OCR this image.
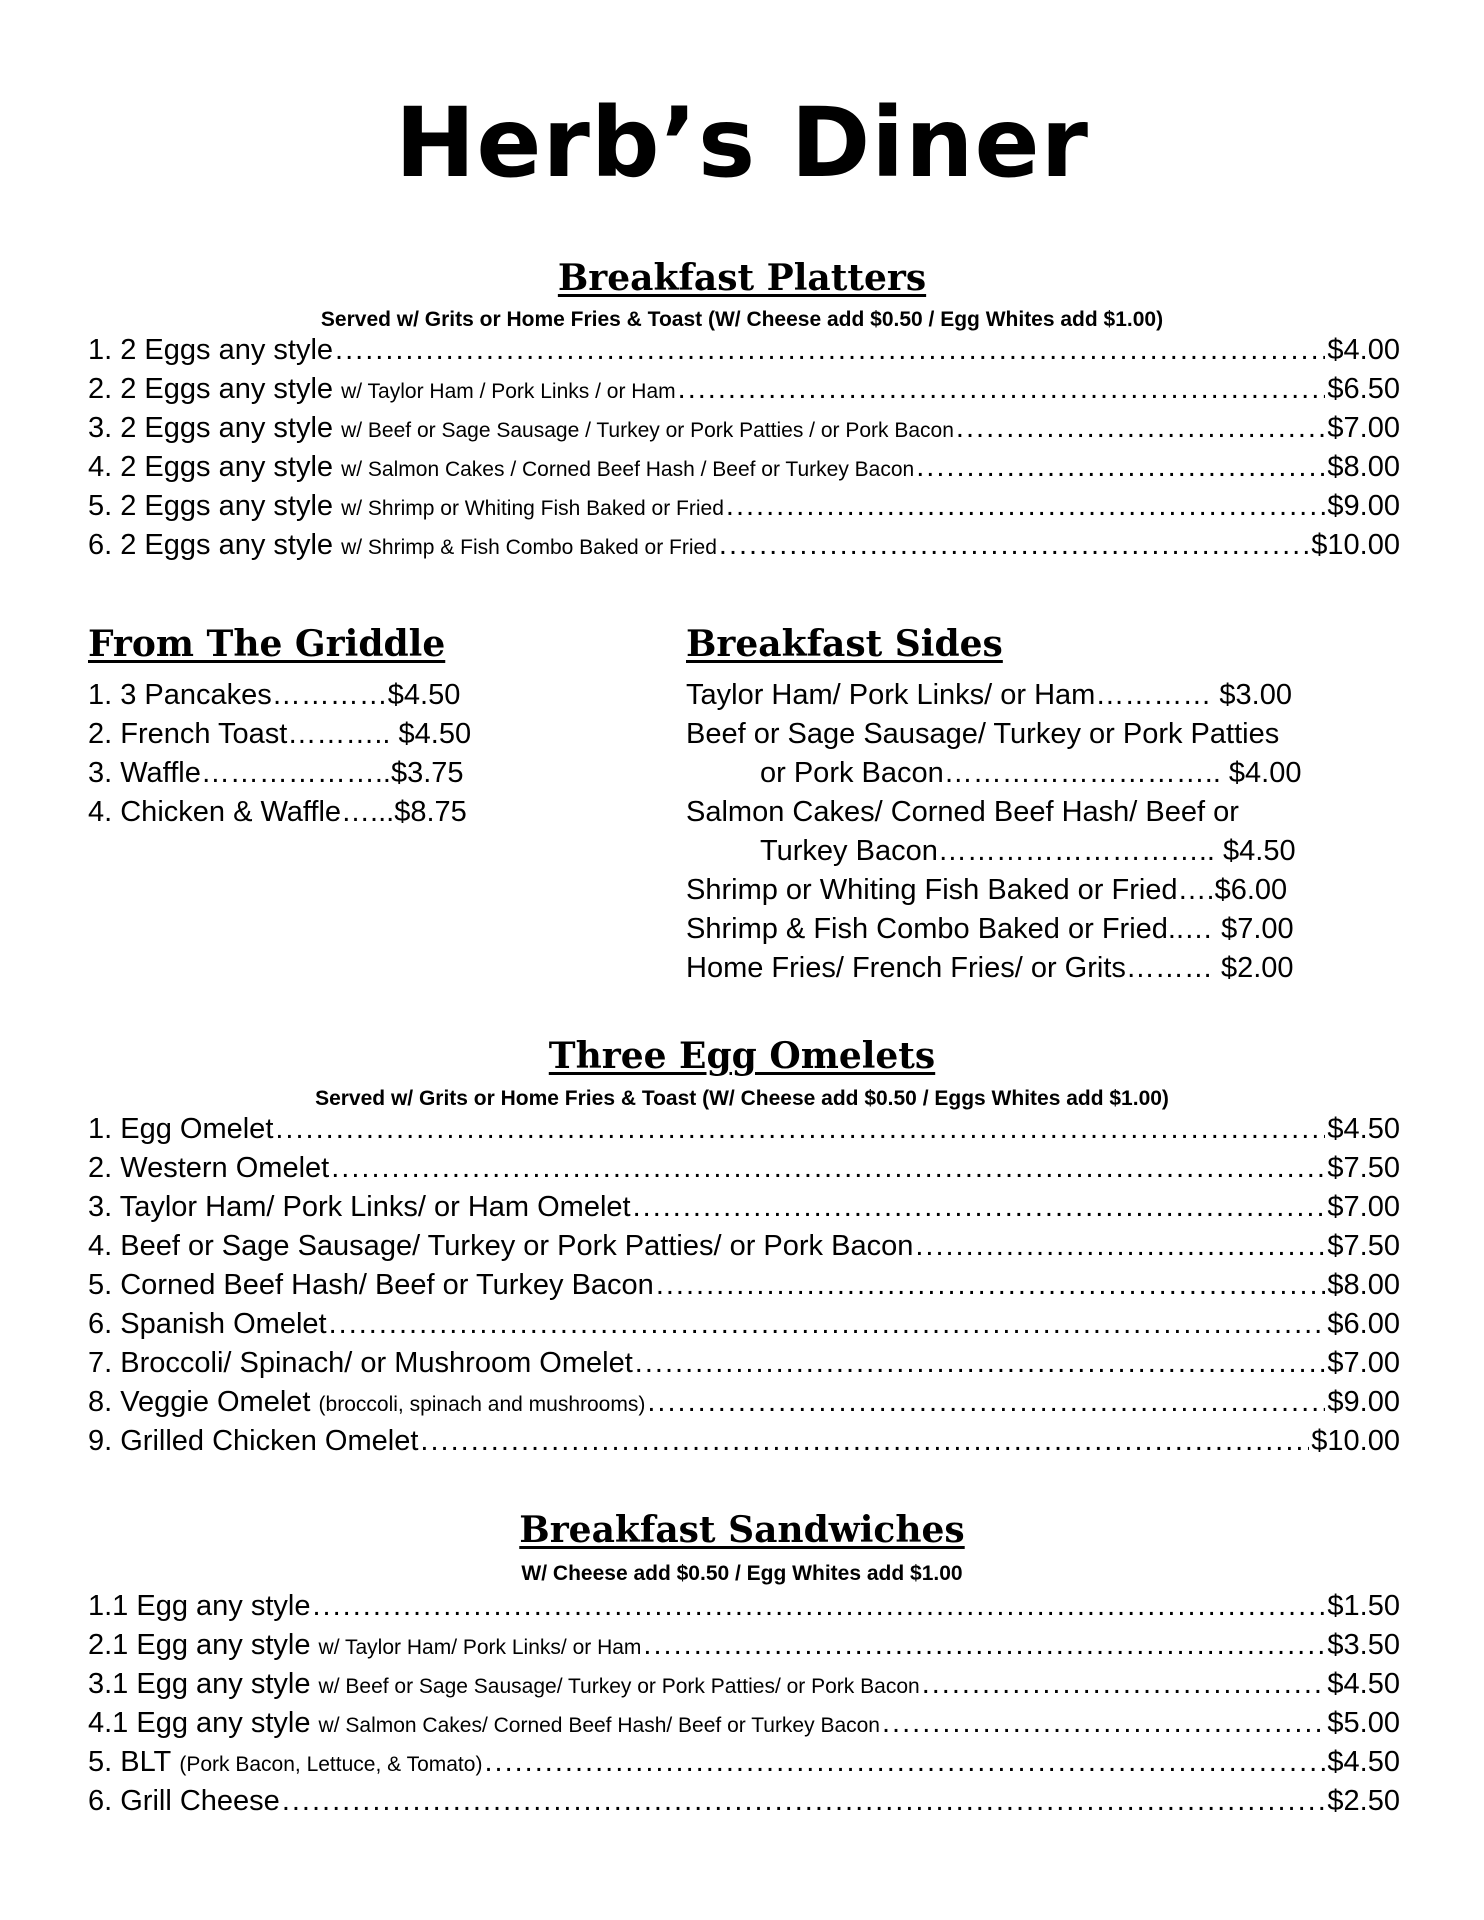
Herb’s Diner
Breakfast Platters
Served w/ Grits or Home Fries & Toast (W/ Cheese add $0.50 / Egg Whites add $1.00)
1. 2 Eggs any style .....	$4.00
2. 2 Eggs any style
w/ Taylor Ham / Pork Links / or Ham .....	$6.50
3. 2 Eggs any style
w/ Beef or Sage Sausage / Turkey or Pork Patties / or Pork Bacon .....	$7.00
4. 2 Eggs any style
w/ Salmon Cakes / Corned Beef Hash / Beef or Turkey Bacon .....	$8.00
5. 2 Eggs any style
w/ Shrimp or Whiting Fish Baked or Fried .....	$9.00
6. 2 Eggs any style
w/ Shrimp & Fish Combo Baked or Fried .....	$10.00
From The Griddle
1. 3 Pancakes…………$4.50
2. French Toast……….. $4.50
3. Waffle………………..$3.75
4. Chicken & Waffle…...$8.75
Breakfast Sides
Taylor Ham/ Pork Links/ or Ham………… $3.00
Beef or Sage Sausage/ Turkey or Pork Patties
or Pork Bacon……………………….. $4.00
Salmon Cakes/ Corned Beef Hash/ Beef or
Turkey Bacon……………………….. $4.50
Shrimp or Whiting Fish Baked or Fried….$6.00
Shrimp & Fish Combo Baked or Fried..… $7.00
Home Fries/ French Fries/ or Grits……… $2.00
Three Egg Omelets
Served w/ Grits or Home Fries & Toast (W/ Cheese add $0.50 / Eggs Whites add $1.00)
1. Egg Omelet .....	$4.50
2. Western Omelet .....	$7.50
3. Taylor Ham/ Pork Links/ or Ham Omelet .....	$7.00
4. Beef or Sage Sausage/ Turkey or Pork Patties/ or Pork Bacon .....	$7.50
5. Corned Beef Hash/ Beef or Turkey Bacon .....	$8.00
6. Spanish Omelet .....	$6.00
7. Broccoli/ Spinach/ or Mushroom Omelet .....	$7.00
8. Veggie Omelet
(broccoli, spinach and mushrooms) .....	$9.00
9. Grilled Chicken Omelet .....	$10.00
Breakfast Sandwiches
W/ Cheese add $0.50 / Egg Whites add $1.00
1.1 Egg any style .....	$1.50
2.1 Egg any style
w/ Taylor Ham/ Pork Links/ or Ham .....	$3.50
3.1 Egg any style
w/ Beef or Sage Sausage/ Turkey or Pork Patties/ or Pork Bacon .....	$4.50
4.1 Egg any style
w/ Salmon Cakes/ Corned Beef Hash/ Beef or Turkey Bacon .....	$5.00
5. BLT
(Pork Bacon, Lettuce, & Tomato) .....	$4.50
6. Grill Cheese .....	$2.50
